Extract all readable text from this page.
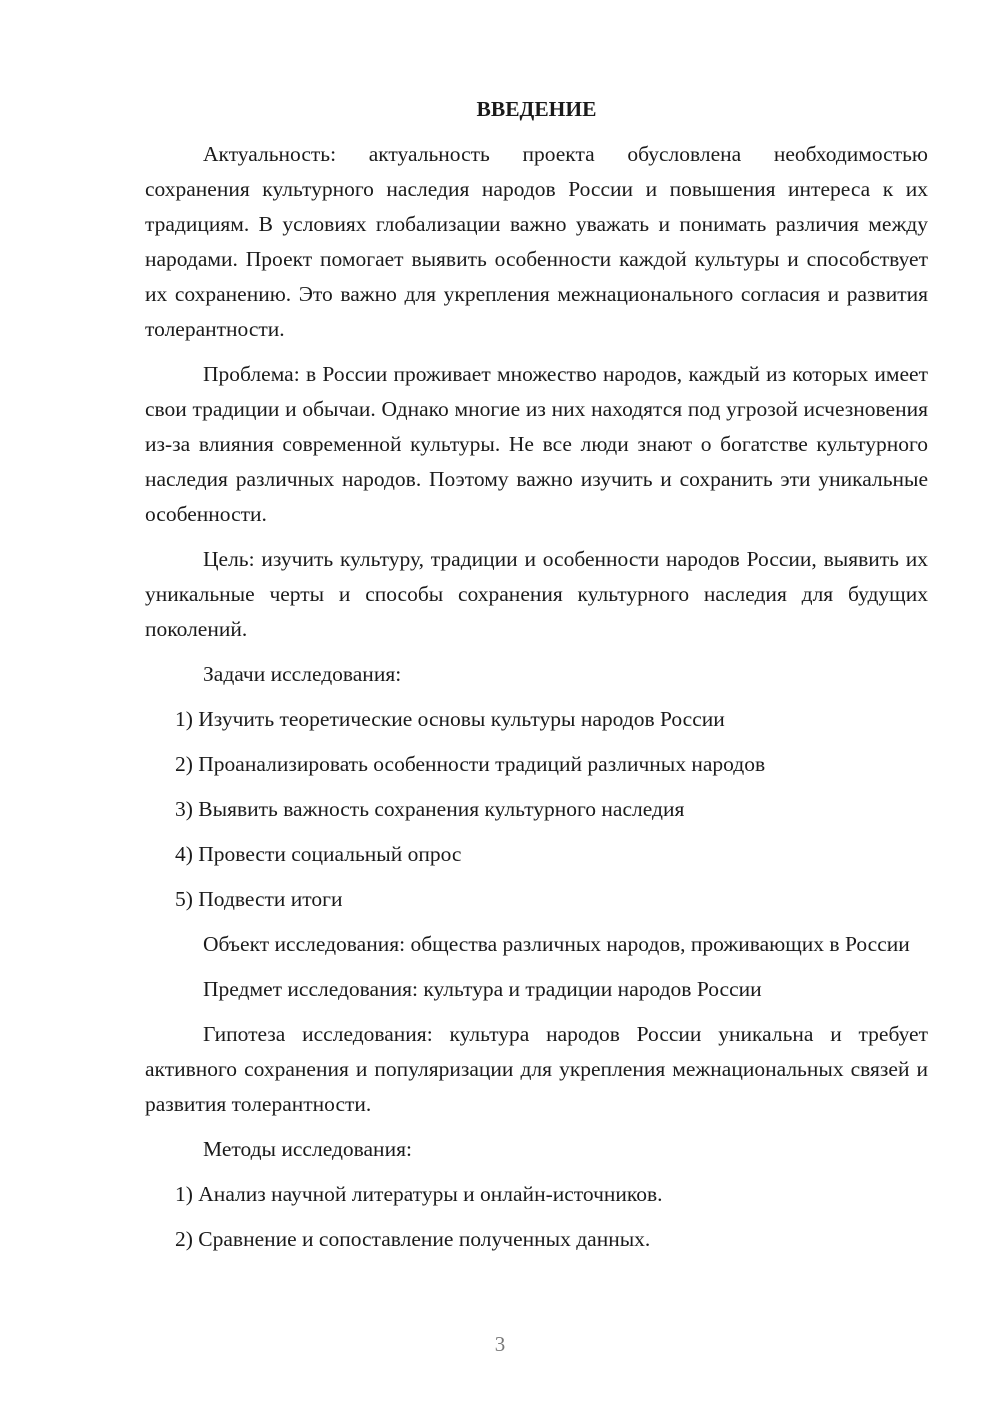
ВВЕДЕНИЕ

Актуальность: актуальность проекта обусловлена необходимостью сохранения культурного наследия народов России и повышения интереса к их традициям. В условиях глобализации важно уважать и понимать различия между народами. Проект помогает выявить особенности каждой культуры и способствует их сохранению. Это важно для укрепления межнационального согласия и развития толерантности.

Проблема: в России проживает множество народов, каждый из которых имеет свои традиции и обычаи. Однако многие из них находятся под угрозой исчезновения из-за влияния современной культуры. Не все люди знают о богатстве культурного наследия различных народов. Поэтому важно изучить и сохранить эти уникальные особенности.

Цель: изучить культуру, традиции и особенности народов России, выявить их уникальные черты и способы сохранения культурного наследия для будущих поколений.

Задачи исследования:
1) Изучить теоретические основы культуры народов России
2) Проанализировать особенности традиций различных народов
3) Выявить важность сохранения культурного наследия
4) Провести социальный опрос
5) Подвести итоги

Объект исследования: общества различных народов, проживающих в России

Предмет исследования: культура и традиции народов России

Гипотеза исследования: культура народов России уникальна и требует активного сохранения и популяризации для укрепления межнациональных связей и развития толерантности.

Методы исследования:
1) Анализ научной литературы и онлайн-источников.
2) Сравнение и сопоставление полученных данных.
3
